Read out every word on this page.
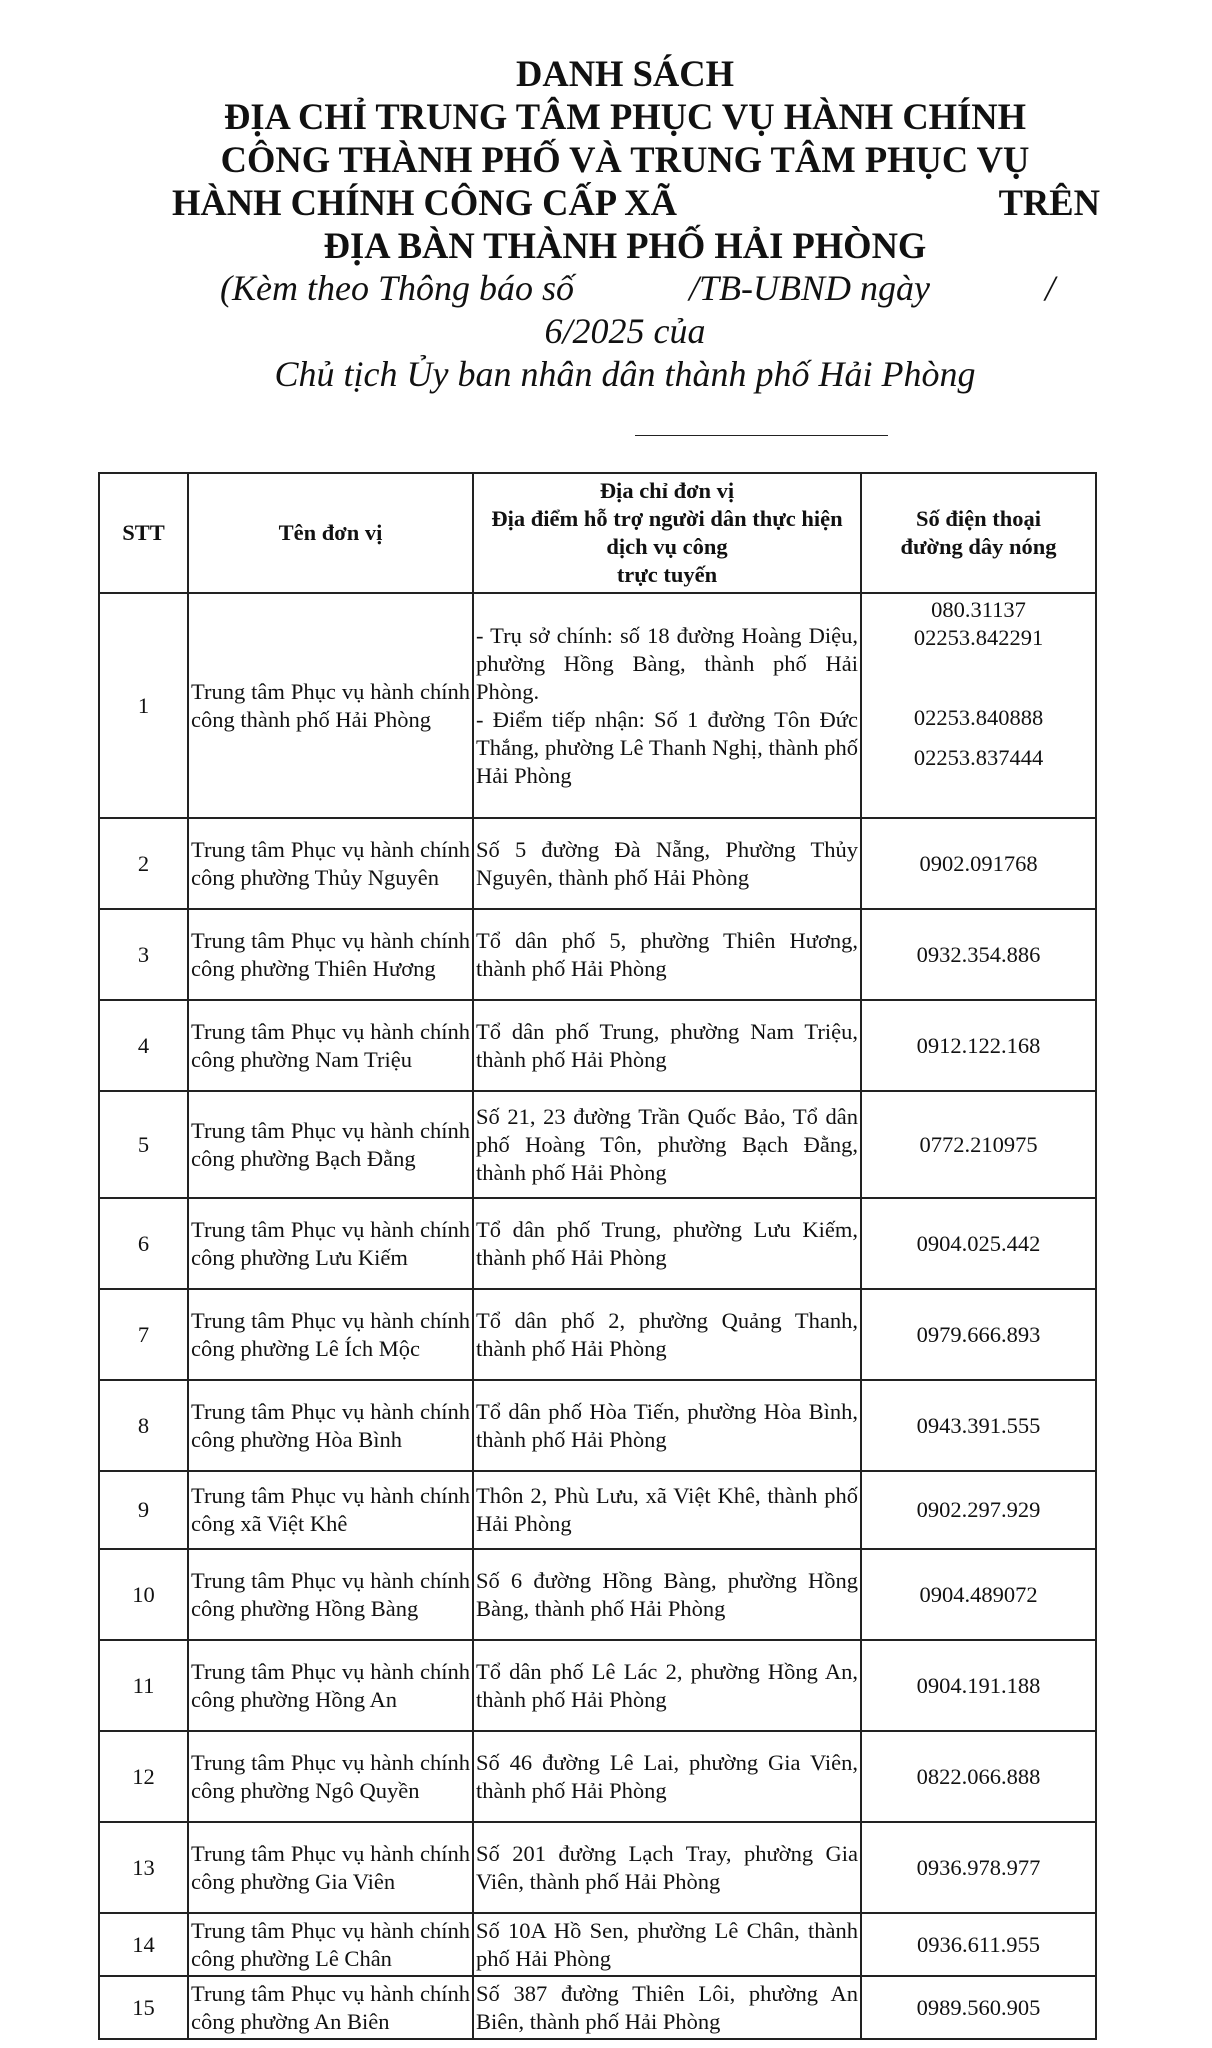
DANH SÁCH
ĐỊA CHỈ TRUNG TÂM PHỤC VỤ HÀNH CHÍNH
CÔNG THÀNH PHỐ VÀ TRUNG TÂM PHỤC VỤ
HÀNH CHÍNH CÔNG CẤP XÃ	TRÊN
ĐỊA BÀN THÀNH PHỐ HẢI PHÒNG
(Kèm theo Thông báo số	/TB-UBND ngày	/
6/2025 của
Chủ tịch Ủy ban nhân dân thành phố Hải Phòng
STT	Tên đơn vị	Địa chỉ đơn vị
Địa điểm hỗ trợ người dân thực hiện dịch vụ công
trực tuyến	Số điện thoại
đường dây nóng

1	Trung tâm Phục vụ hành chính công thành phố Hải Phòng	- Trụ sở chính: số 18 đường Hoàng Diệu, phường Hồng Bàng, thành phố Hải Phòng.
- Điểm tiếp nhận: Số 1 đường Tôn Đức Thắng, phường Lê Thanh Nghị, thành phố Hải Phòng	080.31137
02253.842291
02253.840888
02253.837444

2	Trung tâm Phục vụ hành chính công phường Thủy Nguyên	Số 5 đường Đà Nẵng, Phường Thủy Nguyên, thành phố Hải Phòng	0902.091768
3	Trung tâm Phục vụ hành chính công phường Thiên Hương	Tổ dân phố 5, phường Thiên Hương, thành phố Hải Phòng	0932.354.886
4	Trung tâm Phục vụ hành chính công phường Nam Triệu	Tổ dân phố Trung, phường Nam Triệu, thành phố Hải Phòng	0912.122.168
5	Trung tâm Phục vụ hành chính công phường Bạch Đằng	Số 21, 23 đường Trần Quốc Bảo, Tổ dân phố Hoàng Tôn, phường Bạch Đằng, thành phố Hải Phòng	0772.210975
6	Trung tâm Phục vụ hành chính công phường Lưu Kiếm	Tổ dân phố Trung, phường Lưu Kiếm, thành phố Hải Phòng	0904.025.442
7	Trung tâm Phục vụ hành chính công phường Lê Ích Mộc	Tổ dân phố 2, phường Quảng Thanh, thành phố Hải Phòng	0979.666.893
8	Trung tâm Phục vụ hành chính công phường Hòa Bình	Tổ dân phố Hòa Tiến, phường Hòa Bình, thành phố Hải Phòng	0943.391.555
9	Trung tâm Phục vụ hành chính công xã Việt Khê	Thôn 2, Phù Lưu, xã Việt Khê, thành phố Hải Phòng	0902.297.929
10	Trung tâm Phục vụ hành chính công phường Hồng Bàng	Số 6 đường Hồng Bàng, phường Hồng Bàng, thành phố Hải Phòng	0904.489072
11	Trung tâm Phục vụ hành chính công phường Hồng An	Tổ dân phố Lê Lác 2, phường Hồng An, thành phố Hải Phòng	0904.191.188
12	Trung tâm Phục vụ hành chính công phường Ngô Quyền	Số 46 đường Lê Lai, phường Gia Viên, thành phố Hải Phòng	0822.066.888
13	Trung tâm Phục vụ hành chính công phường Gia Viên	Số 201 đường Lạch Tray, phường Gia Viên, thành phố Hải Phòng	0936.978.977
14	Trung tâm Phục vụ hành chính công phường Lê Chân	Số 10A Hồ Sen, phường Lê Chân, thành phố Hải Phòng	0936.611.955
15	Trung tâm Phục vụ hành chính công phường An Biên	Số 387 đường Thiên Lôi, phường An Biên, thành phố Hải Phòng	0989.560.905
